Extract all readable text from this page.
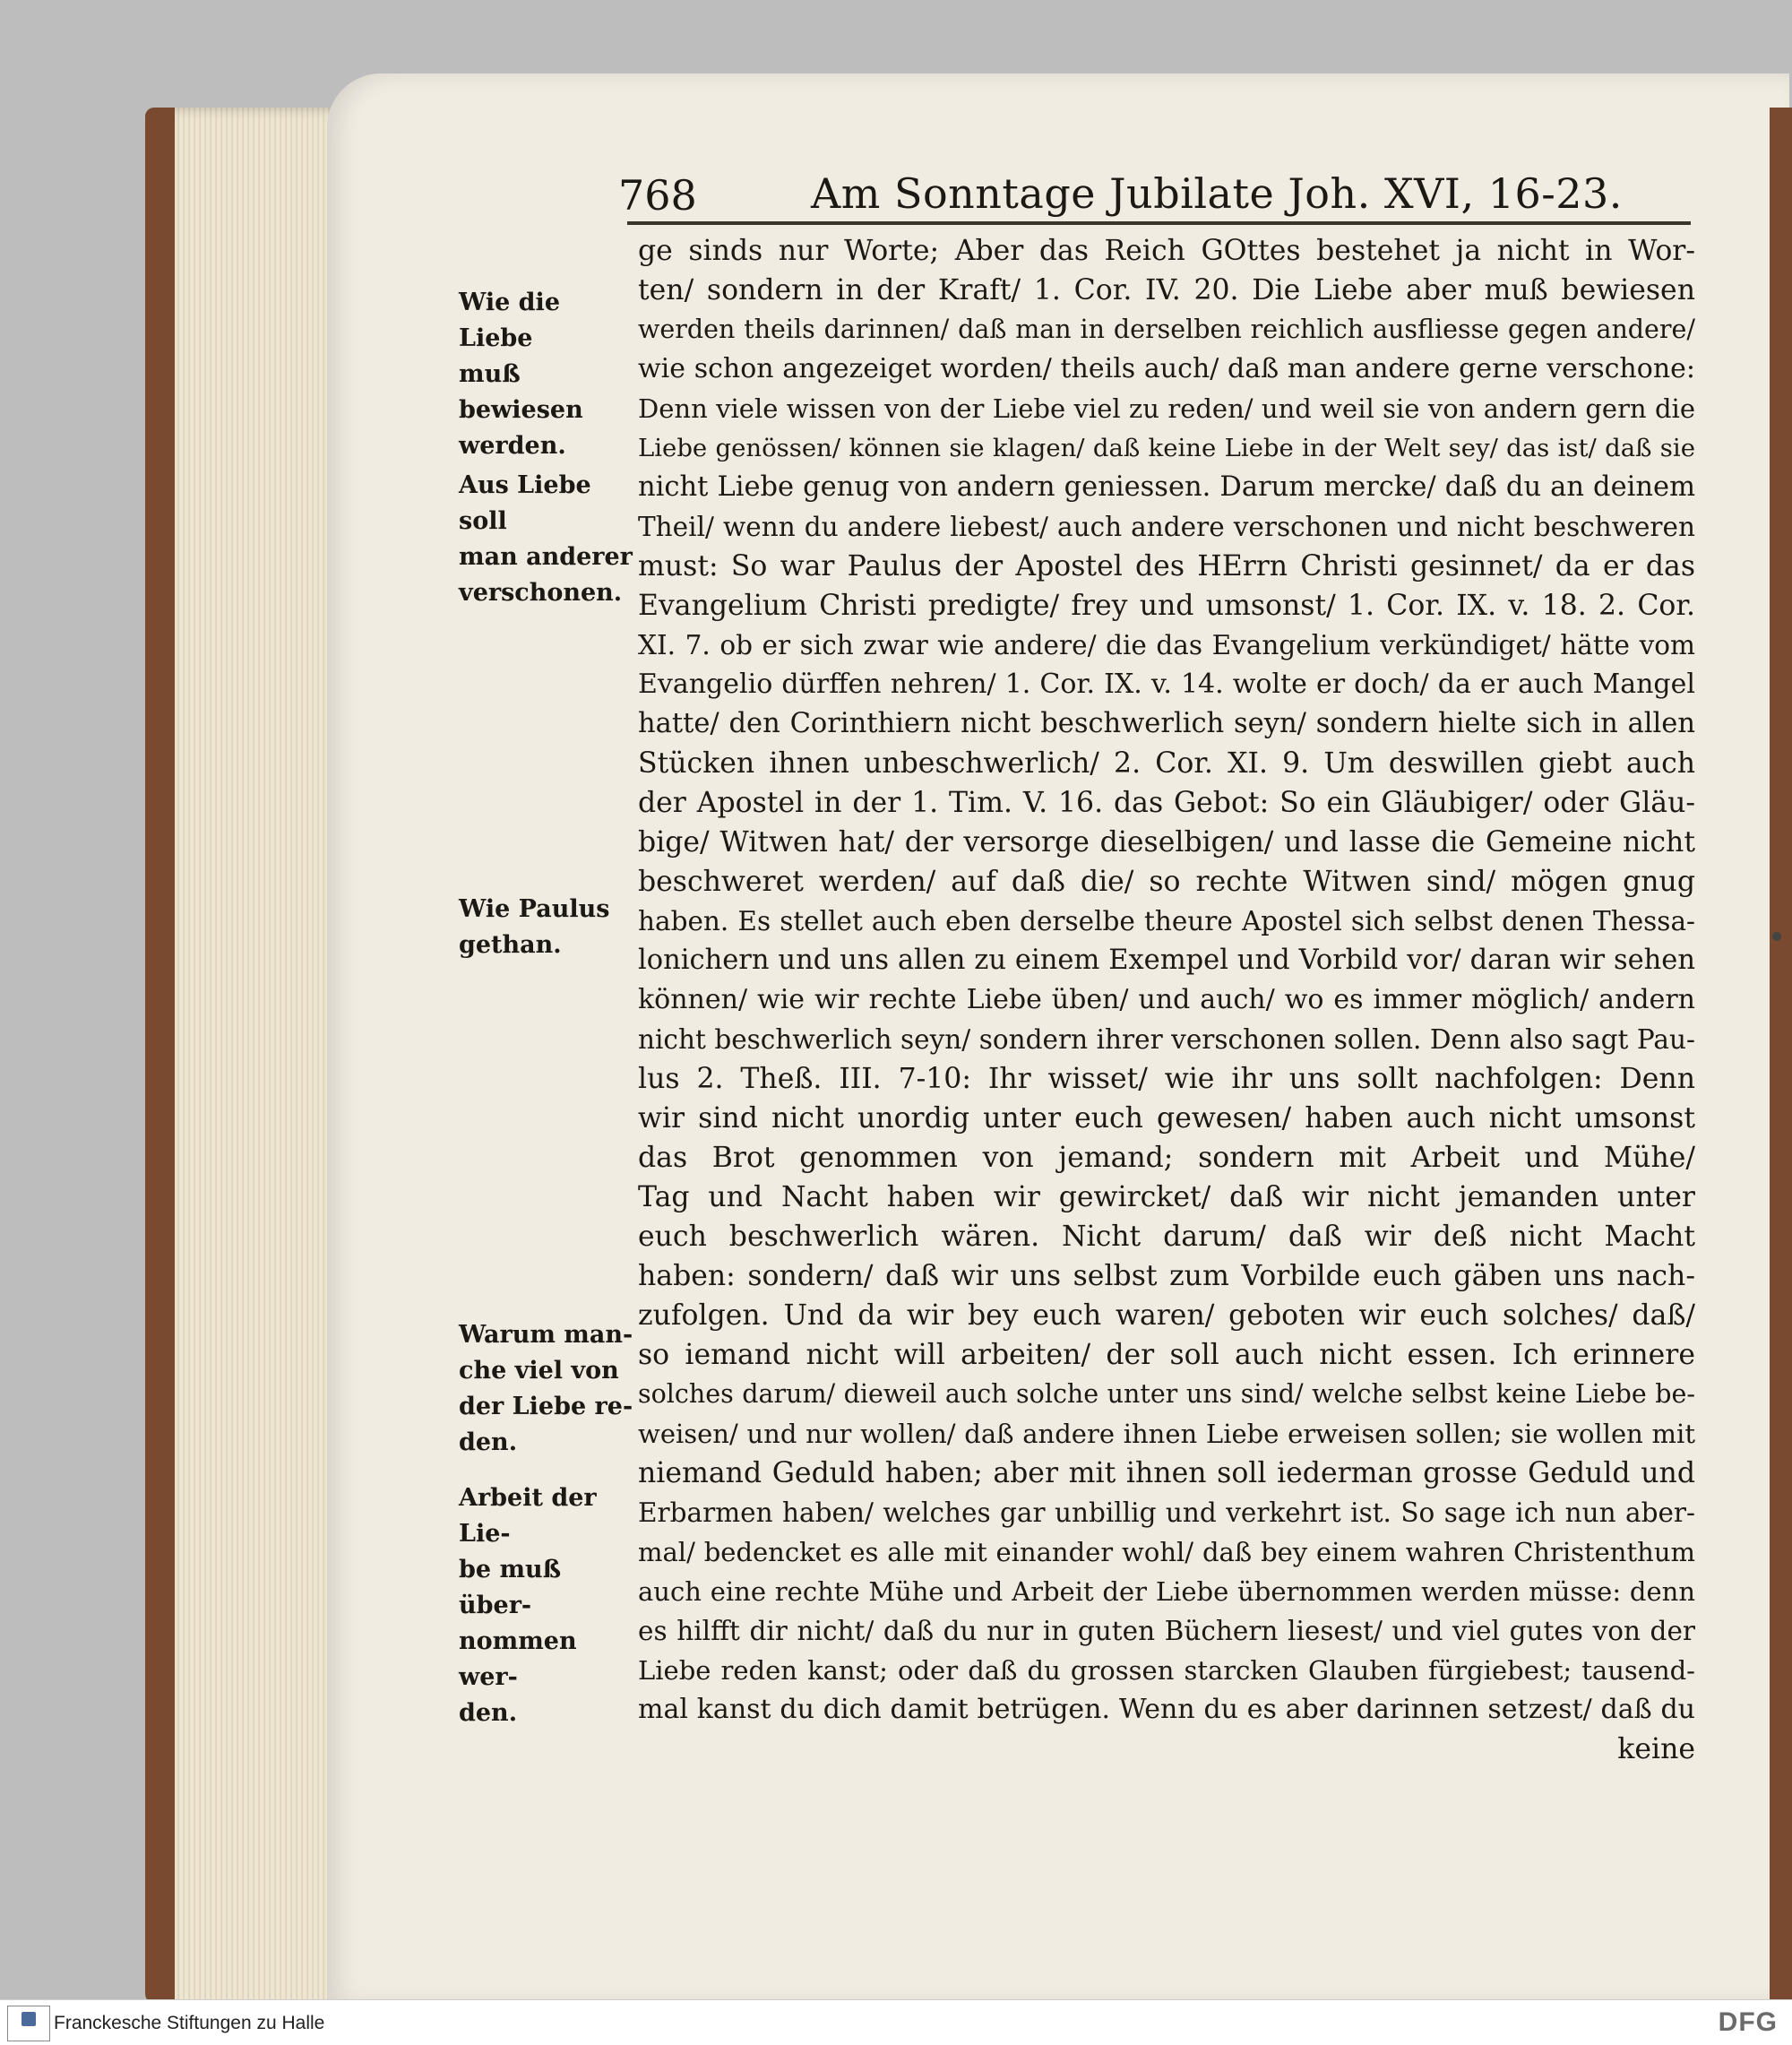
768	Am Sonntage Jubilate Joh. XVI, 16-23.
Wie die Liebe
muß bewiesen
werden.
Aus Liebe soll
man anderer
verschonen.
Wie Paulus
gethan.
Warum man-
che viel von
der Liebe re-
den.
Arbeit der Lie-
be muß über-
nommen wer-
den.
ge sinds nur Worte; Aber das Reich GOttes bestehet ja nicht in Wor-
ten/ sondern in der Kraft/ 1. Cor. IV. 20. Die Liebe aber muß bewiesen
werden theils darinnen/ daß man in derselben reichlich ausfliesse gegen andere/
wie schon angezeiget worden/ theils auch/ daß man andere gerne verschone:
Denn viele wissen von der Liebe viel zu reden/ und weil sie von andern gern die
Liebe genössen/ können sie klagen/ daß keine Liebe in der Welt sey/ das ist/ daß sie
nicht Liebe genug von andern geniessen. Darum mercke/ daß du an deinem
Theil/ wenn du andere liebest/ auch andere verschonen und nicht beschweren
must: So war Paulus der Apostel des HErrn Christi gesinnet/ da er das
Evangelium Christi predigte/ frey und umsonst/ 1. Cor. IX. v. 18. 2. Cor.
XI. 7. ob er sich zwar wie andere/ die das Evangelium verkündiget/ hätte vom
Evangelio dürffen nehren/ 1. Cor. IX. v. 14. wolte er doch/ da er auch Mangel
hatte/ den Corinthiern nicht beschwerlich seyn/ sondern hielte sich in allen
Stücken ihnen unbeschwerlich/ 2. Cor. XI. 9. Um deswillen giebt auch
der Apostel in der 1. Tim. V. 16. das Gebot: So ein Gläubiger/ oder Gläu-
bige/ Witwen hat/ der versorge dieselbigen/ und lasse die Gemeine nicht
beschweret werden/ auf daß die/ so rechte Witwen sind/ mögen gnug
haben. Es stellet auch eben derselbe theure Apostel sich selbst denen Thessa-
lonichern und uns allen zu einem Exempel und Vorbild vor/ daran wir sehen
können/ wie wir rechte Liebe üben/ und auch/ wo es immer möglich/ andern
nicht beschwerlich seyn/ sondern ihrer verschonen sollen. Denn also sagt Pau-
lus 2. Theß. III. 7-10: Ihr wisset/ wie ihr uns sollt nachfolgen: Denn
wir sind nicht unordig unter euch gewesen/ haben auch nicht umsonst
das Brot genommen von jemand; sondern mit Arbeit und Mühe/
Tag und Nacht haben wir gewircket/ daß wir nicht jemanden unter
euch beschwerlich wären. Nicht darum/ daß wir deß nicht Macht
haben: sondern/ daß wir uns selbst zum Vorbilde euch gäben uns nach-
zufolgen. Und da wir bey euch waren/ geboten wir euch solches/ daß/
so iemand nicht will arbeiten/ der soll auch nicht essen. Ich erinnere
solches darum/ dieweil auch solche unter uns sind/ welche selbst keine Liebe be-
weisen/ und nur wollen/ daß andere ihnen Liebe erweisen sollen; sie wollen mit
niemand Geduld haben; aber mit ihnen soll iederman grosse Geduld und
Erbarmen haben/ welches gar unbillig und verkehrt ist. So sage ich nun aber-
mal/ bedencket es alle mit einander wohl/ daß bey einem wahren Christenthum
auch eine rechte Mühe und Arbeit der Liebe übernommen werden müsse: denn
es hilfft dir nicht/ daß du nur in guten Büchern liesest/ und viel gutes von der
Liebe reden kanst; oder daß du grossen starcken Glauben fürgiebest; tausend-
mal kanst du dich damit betrügen. Wenn du es aber darinnen setzest/ daß du
keine
Franckesche Stiftungen zu Halle	DFG
